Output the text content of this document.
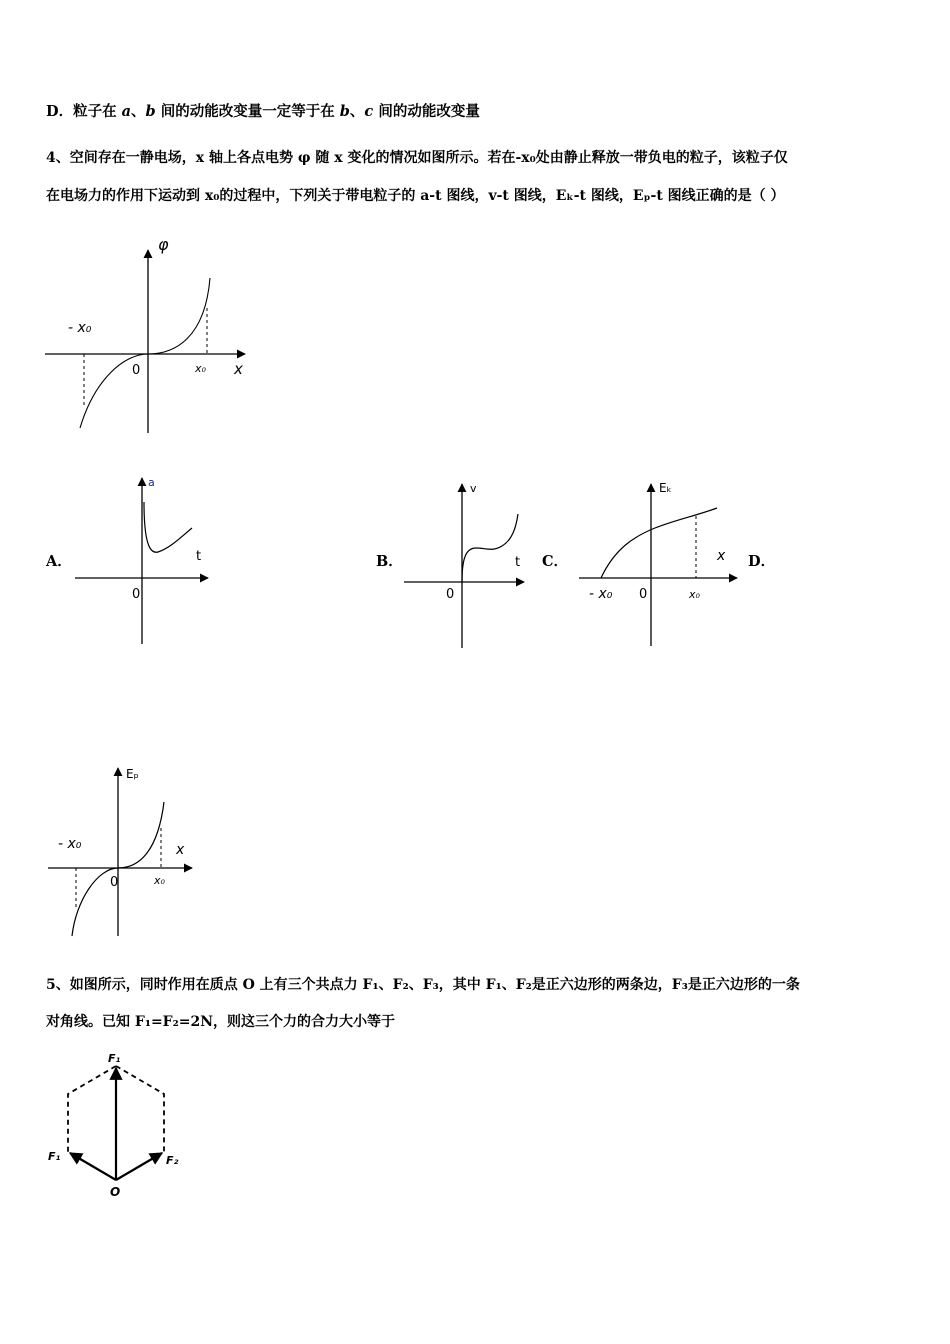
D．粒子在 a、b 间的动能改变量一定等于在 b、c 间的动能改变量
4、空间存在一静电场，x 轴上各点电势 φ 随 x 变化的情况如图所示。若在-x₀处由静止释放一带负电的粒子，该粒子仅
在电场力的作用下运动到 x₀的过程中，下列关于带电粒子的 a-t 图线，v-t 图线，Eₖ-t 图线，Eₚ-t 图线正确的是（ ）
φ
x
0
- x₀
x₀
A．
a
t
0
B．
v
t
0
C．
Eₖ
x
0
- x₀	x₀
D．
Eₚ
x
0
- x₀
x₀
5、如图所示，同时作用在质点 O 上有三个共点力 F₁、F₂、F₃，其中 F₁、F₂是正六边形的两条边，F₃是正六边形的一条
对角线。已知 F₁=F₂=2N，则这三个力的合力大小等于
F₁
F₁	F₂
O
